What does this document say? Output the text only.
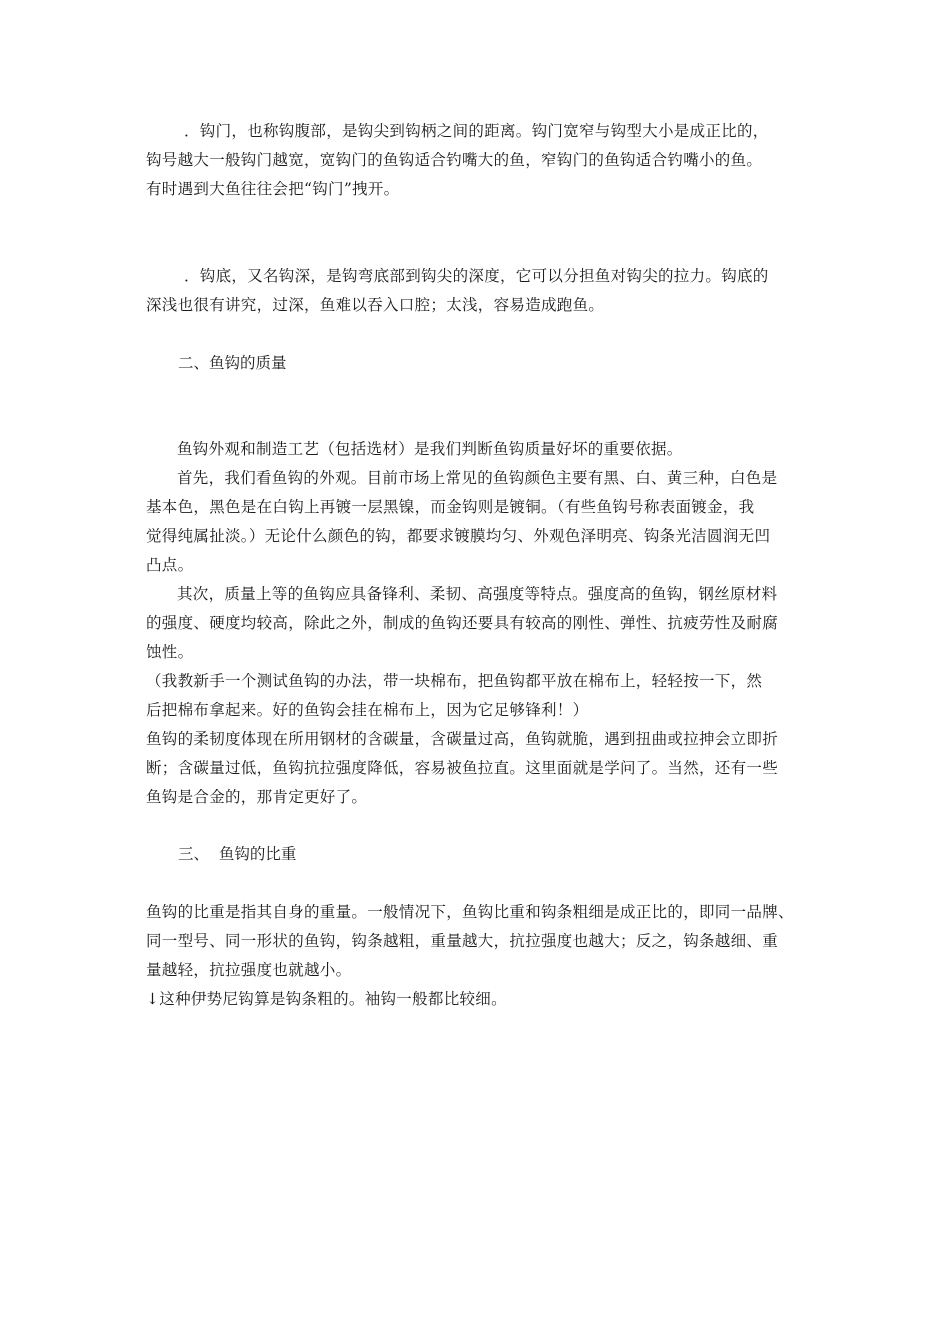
．钩门，也称钩腹部，是钩尖到钩柄之间的距离。钩门宽窄与钩型大小是成正比的，
钩号越大一般钩门越宽，宽钩门的鱼钩适合钓嘴大的鱼，窄钩门的鱼钩适合钓嘴小的鱼。
有时遇到大鱼往往会把“钩门”拽开。

．钩底，又名钩深，是钩弯底部到钩尖的深度，它可以分担鱼对钩尖的拉力。钩底的
深浅也很有讲究，过深，鱼难以吞入口腔；太浅，容易造成跑鱼。

二、鱼钩的质量

鱼钩外观和制造工艺（包括选材）是我们判断鱼钩质量好坏的重要依据。

首先，我们看鱼钩的外观。目前市场上常见的鱼钩颜色主要有黑、白、黄三种，白色是
基本色，黑色是在白钩上再镀一层黑镍，而金钩则是镀铜。（有些鱼钩号称表面镀金，我
觉得纯属扯淡。）无论什么颜色的钩，都要求镀膜均匀、外观色泽明亮、钩条光洁圆润无凹
凸点。

其次，质量上等的鱼钩应具备锋利、柔韧、高强度等特点。强度高的鱼钩，钢丝原材料
的强度、硬度均较高，除此之外，制成的鱼钩还要具有较高的刚性、弹性、抗疲劳性及耐腐
蚀性。

（我教新手一个测试鱼钩的办法，带一块棉布，把鱼钩都平放在棉布上，轻轻按一下，然
后把棉布拿起来。好的鱼钩会挂在棉布上，因为它足够锋利！）

鱼钩的柔韧度体现在所用钢材的含碳量，含碳量过高，鱼钩就脆，遇到扭曲或拉抻会立即折
断；含碳量过低，鱼钩抗拉强度降低，容易被鱼拉直。这里面就是学问了。当然，还有一些
鱼钩是合金的，那肯定更好了。

三、  鱼钩的比重

鱼钩的比重是指其自身的重量。一般情况下，鱼钩比重和钩条粗细是成正比的，即同一品牌、
同一型号、同一形状的鱼钩，钩条越粗，重量越大，抗拉强度也越大；反之，钩条越细、重
量越轻，抗拉强度也就越小。

↓这种伊势尼钩算是钩条粗的。袖钩一般都比较细。
